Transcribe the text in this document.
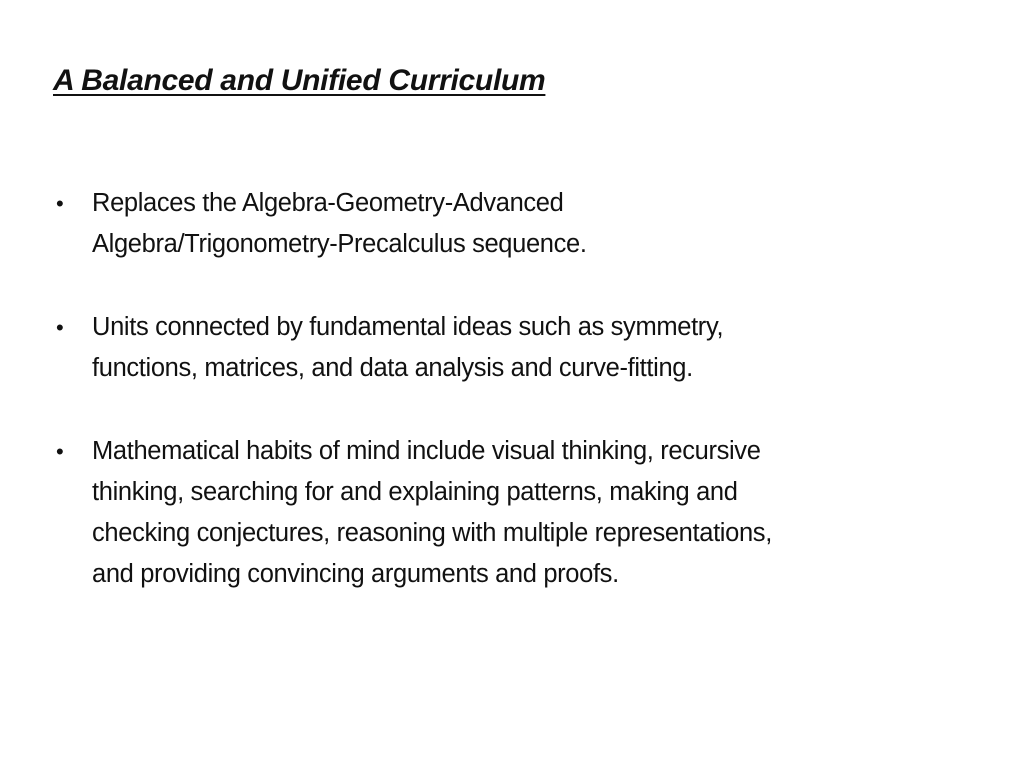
A Balanced and Unified Curriculum
• Replaces the Algebra-Geometry-Advanced
Algebra/Trigonometry-Precalculus sequence.
• Units connected by fundamental ideas such as symmetry,
functions, matrices, and data analysis and curve-fitting.
• Mathematical habits of mind include visual thinking, recursive
thinking, searching for and explaining patterns, making and
checking conjectures, reasoning with multiple representations,
and providing convincing arguments and proofs.
